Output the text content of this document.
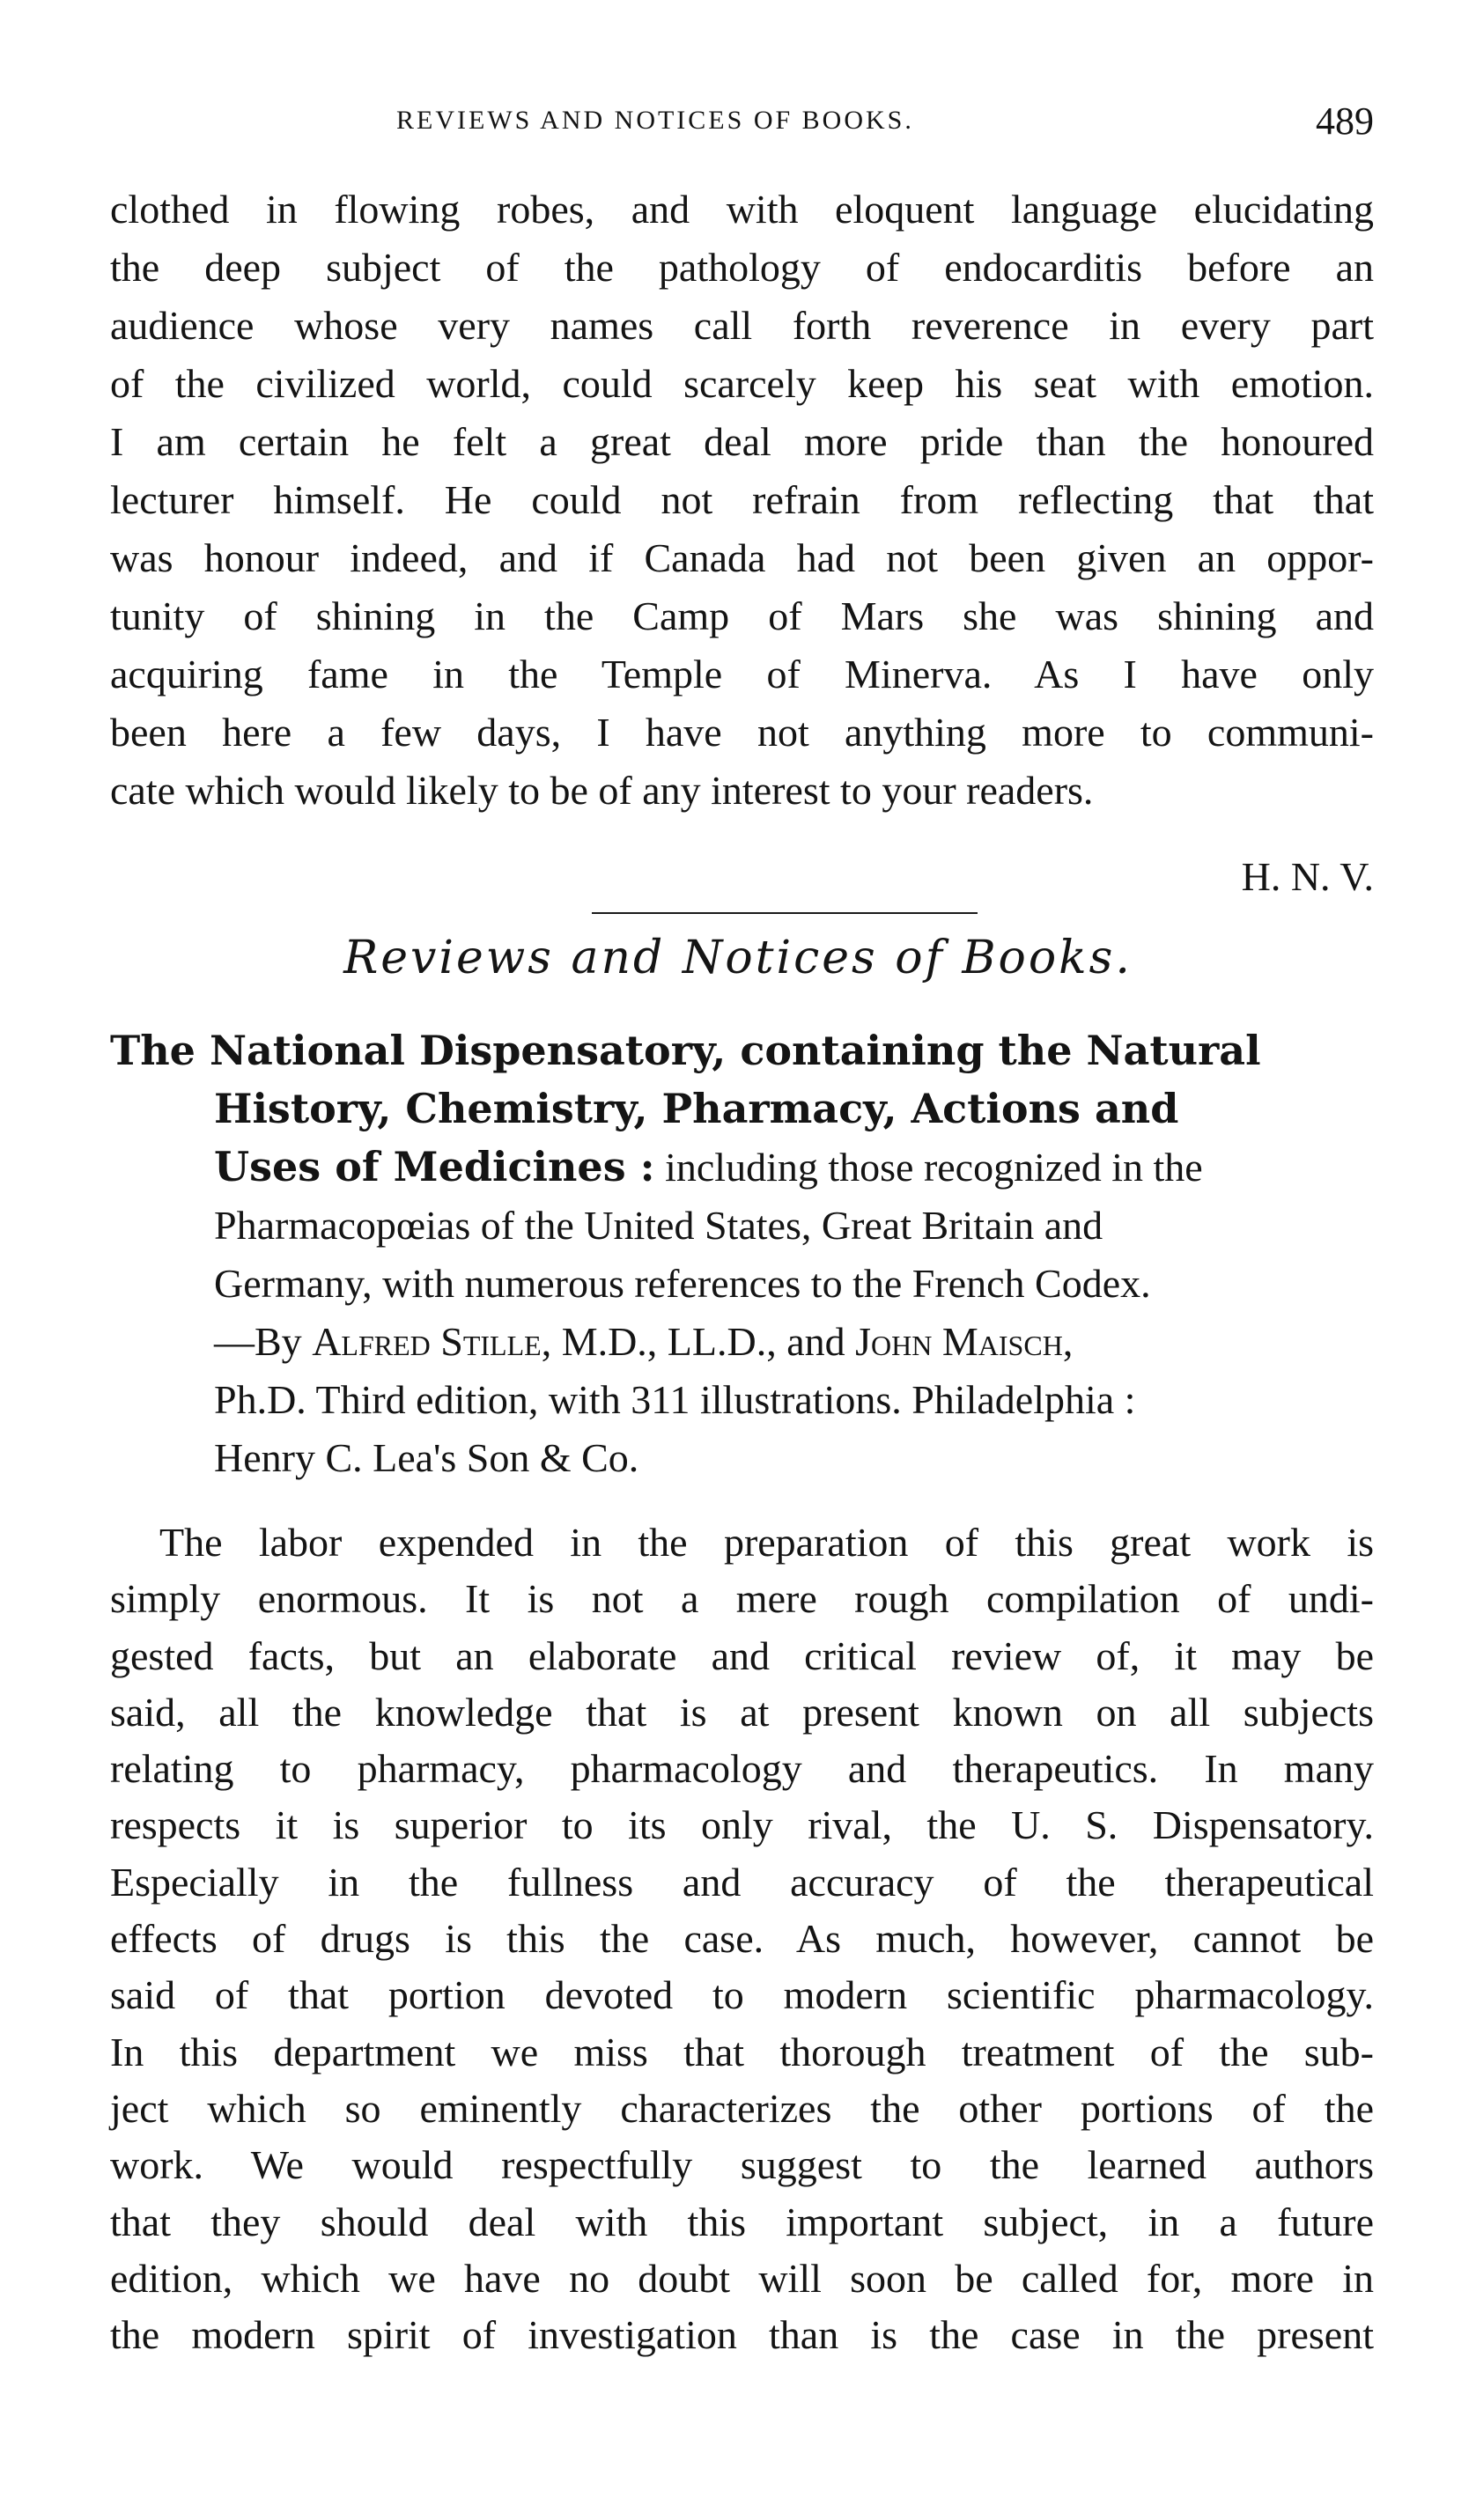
REVIEWS AND NOTICES OF BOOKS.	489
clothed in flowing robes, and with eloquent language elucidating
the deep subject of the pathology of endocarditis before an
audience whose very names call forth reverence in every part
of the civilized world, could scarcely keep his seat with emotion.
I am certain he felt a great deal more pride than the honoured
lecturer himself. He could not refrain from reflecting that that
was honour indeed, and if Canada had not been given an oppor-
tunity of shining in the Camp of Mars she was shining and
acquiring fame in the Temple of Minerva. As I have only
been here a few days, I have not anything more to communi-
cate which would likely to be of any interest to your readers.
H. N. V.
Reviews and Notices of Books.
The National Dispensatory, containing the Natural
History, Chemistry, Pharmacy, Actions and
Uses of Medicines : including those recognized in the
Pharmacopœias of the United States, Great Britain and
Germany, with numerous references to the French Codex.
—By Alfred Stille, M.D., LL.D., and John Maisch,
Ph.D. Third edition, with 311 illustrations. Philadelphia :
Henry C. Lea's Son & Co.
The labor expended in the preparation of this great work is
simply enormous. It is not a mere rough compilation of undi-
gested facts, but an elaborate and critical review of, it may be
said, all the knowledge that is at present known on all subjects
relating to pharmacy, pharmacology and therapeutics. In many
respects it is superior to its only rival, the U. S. Dispensatory.
Especially in the fullness and accuracy of the therapeutical
effects of drugs is this the case. As much, however, cannot be
said of that portion devoted to modern scientific pharmacology.
In this department we miss that thorough treatment of the sub-
ject which so eminently characterizes the other portions of the
work. We would respectfully suggest to the learned authors
that they should deal with this important subject, in a future
edition, which we have no doubt will soon be called for, more in
the modern spirit of investigation than is the case in the present
